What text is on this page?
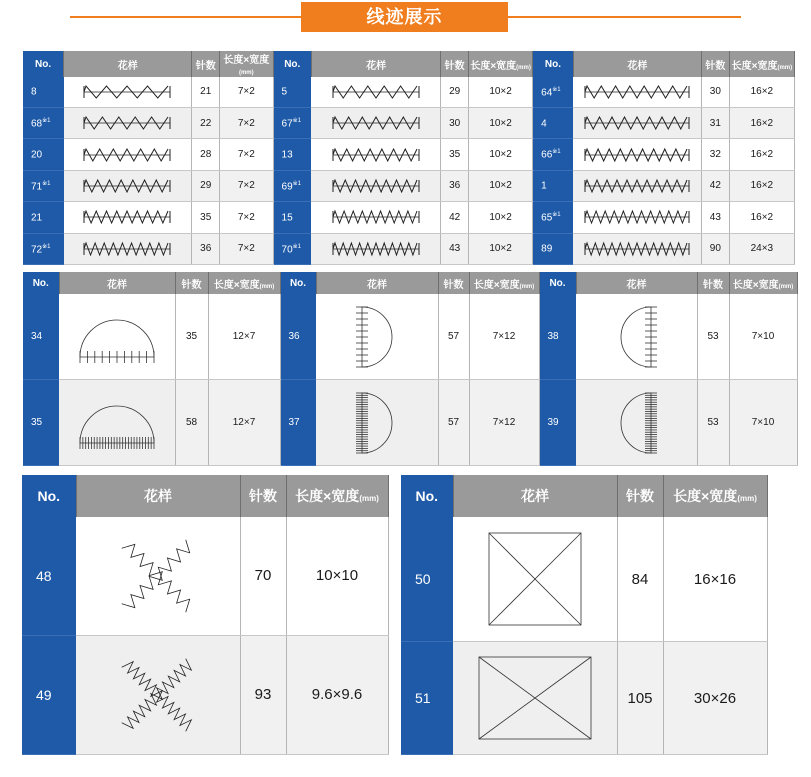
线迹展示
No.	花样	针数	长度×宽度(mm)	No.	花样	针数	长度×宽度(mm)	No.	花样	针数	长度×宽度(mm)
8		21	7×2	5		29	10×2	64$^{※1}$		30	16×2
68$^{※1}$		22	7×2	67$^{※1}$		30	10×2	4		31	16×2
20		28	7×2	13		35	10×2	66$^{※1}$		32	16×2
71$^{※1}$		29	7×2	69$^{※1}$		36	10×2	1		42	16×2
21		35	7×2	15		42	10×2	65$^{※1}$		43	16×2
72$^{※1}$		36	7×2	70$^{※1}$		43	10×2	89		90	24×3
No.	花样	针数	长度×宽度(mm)	No.	花样	针数	长度×宽度(mm)	No.	花样	针数	长度×宽度(mm)
34		35	12×7	36		57	7×12	38		53	7×10
35		58	12×7	37		57	7×12	39		53	7×10
No.	花样	针数	长度×宽度(mm)
48		70	10×10
49		93	9.6×9.6
No.	花样	针数	长度×宽度(mm)
50		84	16×16
51		105	30×26
